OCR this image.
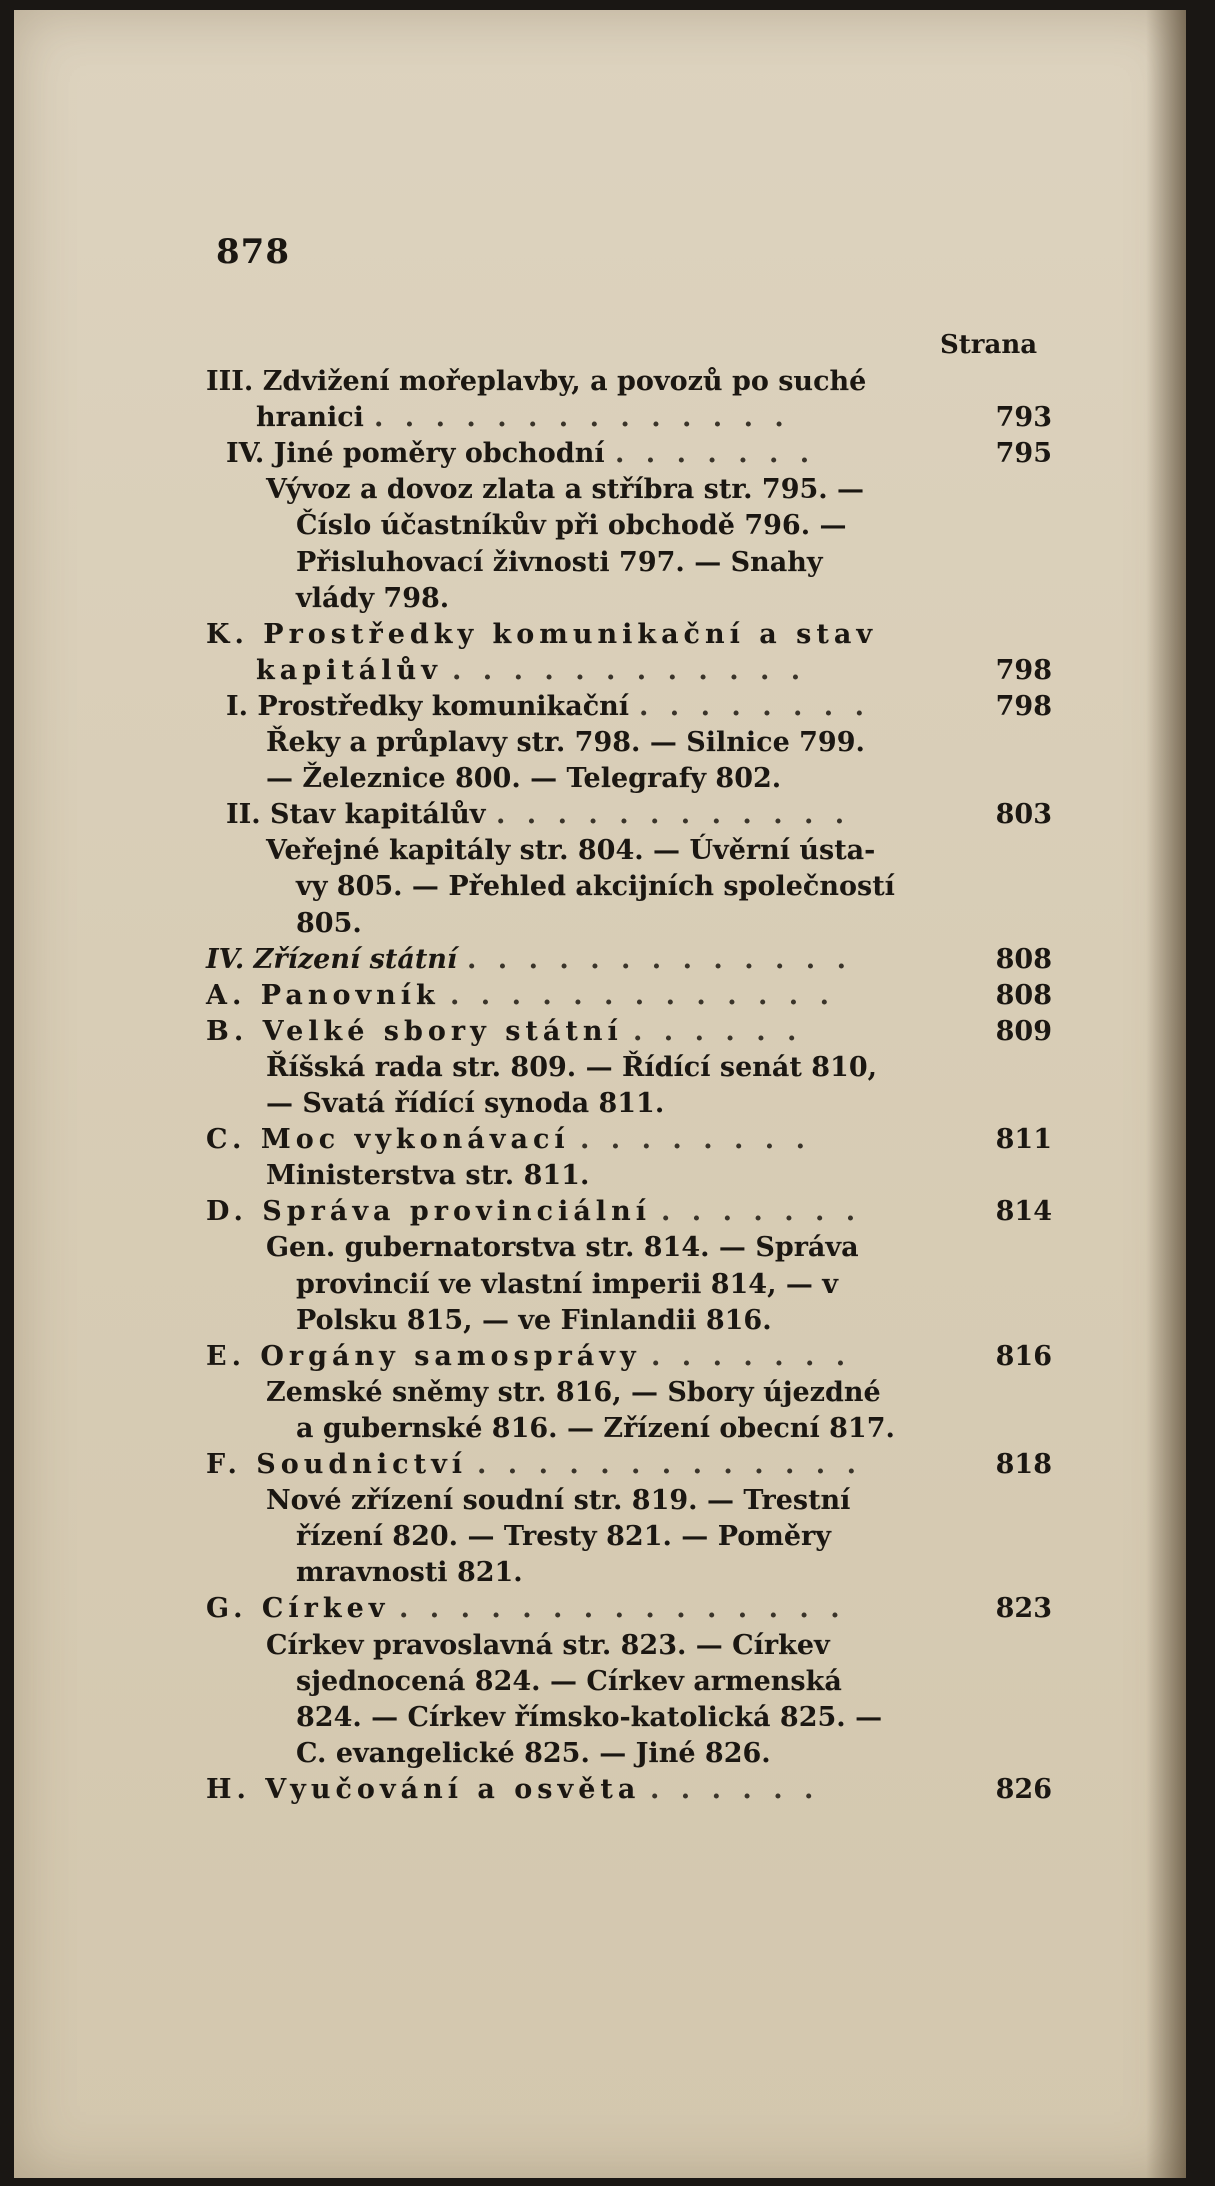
878
Strana
III. Zdvižení mořeplavby, a povozů po suché
hranici . . . . . . . . . . . . . .	793
IV. Jiné poměry obchodní . . . . . . .	795
Vývoz a dovoz zlata a stříbra str. 795. —
Číslo účastníkův při obchodě 796. —
Přisluhovací živnosti 797. — Snahy
vlády 798.
K. Prostředky komunikační a stav
kapitálův . . . . . . . . . . . .	798
I. Prostředky komunikační . . . . . . . .	798
Řeky a průplavy str. 798. — Silnice 799.
— Železnice 800. — Telegrafy 802.
II. Stav kapitálův . . . . . . . . . . . .	803
Veřejné kapitály str. 804. — Úvěrní ústa-
vy 805. — Přehled akcijních společností
805.
IV. Zřízení státní . . . . . . . . . . . . .	808
A. Panovník . . . . . . . . . . . . .	808
B. Velké sbory státní . . . . . .	809
Říšská rada str. 809. — Řídící senát 810,
— Svatá řídící synoda 811.
C. Moc vykonávací . . . . . . . .	811
Ministerstva str. 811.
D. Správa provinciální . . . . . . .	814
Gen. gubernatorstva str. 814. — Správa
provincií ve vlastní imperii 814, — v
Polsku 815, — ve Finlandii 816.
E. Orgány samosprávy . . . . . . .	816
Zemské sněmy str. 816, — Sbory újezdné
a gubernské 816. — Zřízení obecní 817.
F. Soudnictví . . . . . . . . . . . . .	818
Nové zřízení soudní str. 819. — Trestní
řízení 820. — Tresty 821. — Poměry
mravnosti 821.
G. Církev . . . . . . . . . . . . . . .	823
Církev pravoslavná str. 823. — Církev
sjednocená 824. — Církev armenská
824. — Církev římsko-katolická 825. —
C. evangelické 825. — Jiné 826.
H. Vyučování a osvěta . . . . . .	826
